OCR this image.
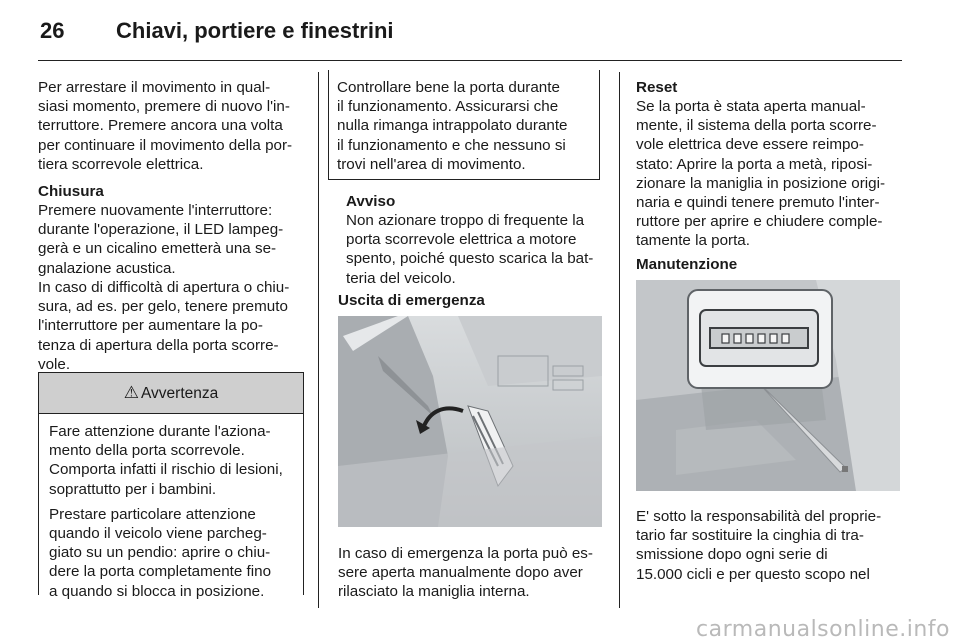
26 Chiavi, portiere e finestrini
Per arrestare il movimento in qual-
siasi momento, premere di nuovo l'in-
terruttore. Premere ancora una volta
per continuare il movimento della por-
tiera scorrevole elettrica.
Chiusura
Premere nuovamente l'interruttore:
durante l'operazione, il LED lampeg-
gerà e un cicalino emetterà una se-
gnalazione acustica.
In caso di difficoltà di apertura o chiu-
sura, ad es. per gelo, tenere premuto
l'interruttore per aumentare la po-
tenza di apertura della porta scorre-
vole.
⚠ Avvertenza
Fare attenzione durante l'aziona-
mento della porta scorrevole.
Comporta infatti il rischio di lesioni,
soprattutto per i bambini.
Prestare particolare attenzione
quando il veicolo viene parcheg-
giato su un pendio: aprire o chiu-
dere la porta completamente fino
a quando si blocca in posizione.
Controllare bene la porta durante
il funzionamento. Assicurarsi che
nulla rimanga intrappolato durante
il funzionamento e che nessuno si
trovi nell'area di movimento.
Avviso
Non azionare troppo di frequente la
porta scorrevole elettrica a motore
spento, poiché questo scarica la bat-
teria del veicolo.
Uscita di emergenza
In caso di emergenza la porta può es-
sere aperta manualmente dopo aver
rilasciato la maniglia interna.
Reset
Se la porta è stata aperta manual-
mente, il sistema della porta scorre-
vole elettrica deve essere reimpo-
stato: Aprire la porta a metà, riposi-
zionare la maniglia in posizione origi-
naria e quindi tenere premuto l'inter-
ruttore per aprire e chiudere comple-
tamente la porta.
Manutenzione
E' sotto la responsabilità del proprie-
tario far sostituire la cinghia di tra-
smissione dopo ogni serie di
15.000 cicli e per questo scopo nel
carmanualsonline.info
